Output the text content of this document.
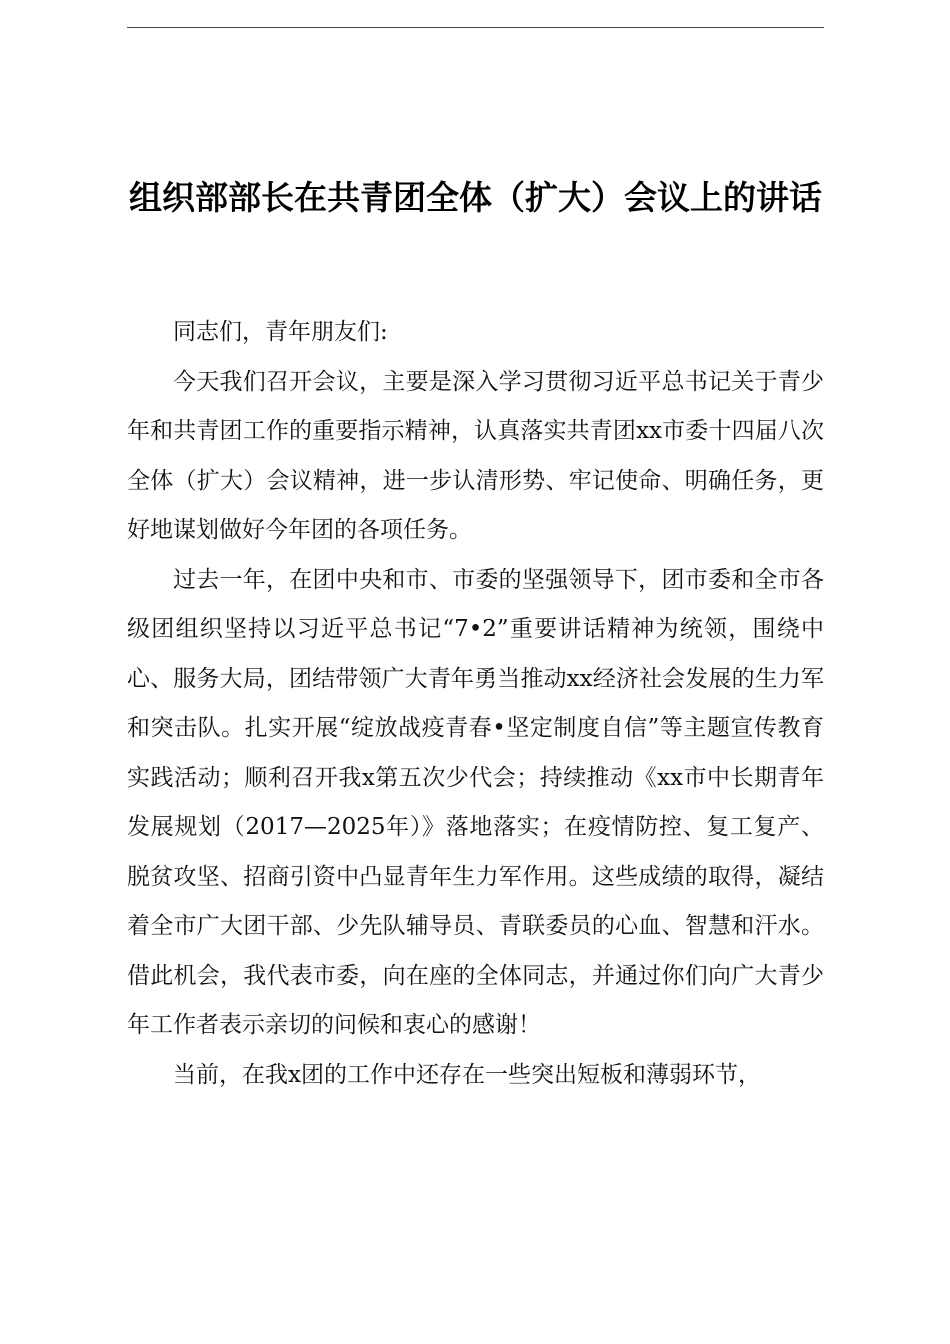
组织部部长在共青团全体（扩大）会议上的讲话

同志们，青年朋友们:

今天我们召开会议，主要是深入学习贯彻习近平总书记关于青少年和共青团工作的重要指示精神，认真落实共青团xx市委十四届八次全体（扩大）会议精神，进一步认清形势、牢记使命、明确任务，更好地谋划做好今年团的各项任务。

过去一年，在团中央和市、市委的坚强领导下，团市委和全市各级团组织坚持以习近平总书记“7•2”重要讲话精神为统领，围绕中心、服务大局，团结带领广大青年勇当推动xx经济社会发展的生力军和突击队。扎实开展“绽放战疫青春•坚定制度自信”等主题宣传教育实践活动；顺利召开我x第五次少代会；持续推动《xx市中长期青年发展规划（2017—2025年）》落地落实；在疫情防控、复工复产、脱贫攻坚、招商引资中凸显青年生力军作用。这些成绩的取得，凝结着全市广大团干部、少先队辅导员、青联委员的心血、智慧和汗水。借此机会，我代表市委，向在座的全体同志，并通过你们向广大青少年工作者表示亲切的问候和衷心的感谢！

当前，在我x团的工作中还存在一些突出短板和薄弱环节，
